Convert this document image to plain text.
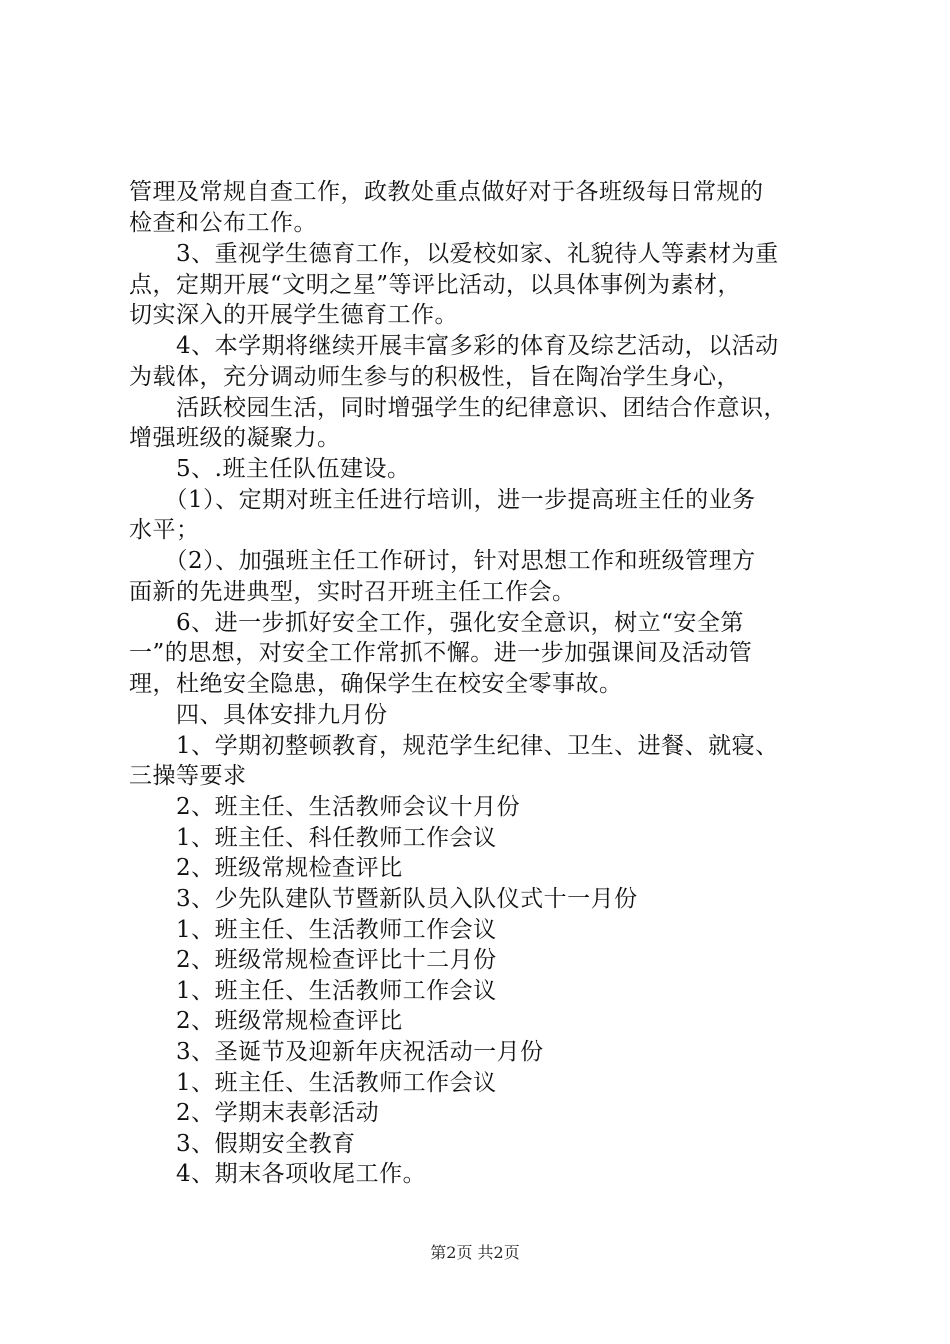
管理及常规自查工作，政教处重点做好对于各班级每日常规的
检查和公布工作。
　　3、重视学生德育工作，以爱校如家、礼貌待人等素材为重
点，定期开展“文明之星”等评比活动，以具体事例为素材，
切实深入的开展学生德育工作。
　　4、本学期将继续开展丰富多彩的体育及综艺活动，以活动
为载体，充分调动师生参与的积极性，旨在陶冶学生身心，
　　活跃校园生活，同时增强学生的纪律意识、团结合作意识，
增强班级的凝聚力。
　　5、.班主任队伍建设。
　　（1）、定期对班主任进行培训，进一步提高班主任的业务
水平；
　　（2）、加强班主任工作研讨，针对思想工作和班级管理方
面新的先进典型，实时召开班主任工作会。
　　6、进一步抓好安全工作，强化安全意识，树立“安全第
一”的思想，对安全工作常抓不懈。进一步加强课间及活动管
理，杜绝安全隐患，确保学生在校安全零事故。
　　四、具体安排九月份
　　1、学期初整顿教育，规范学生纪律、卫生、进餐、就寝、
三操等要求
　　2、班主任、生活教师会议十月份
　　1、班主任、科任教师工作会议
　　2、班级常规检查评比
　　3、少先队建队节暨新队员入队仪式十一月份
　　1、班主任、生活教师工作会议
　　2、班级常规检查评比十二月份
　　1、班主任、生活教师工作会议
　　2、班级常规检查评比
　　3、圣诞节及迎新年庆祝活动一月份
　　1、班主任、生活教师工作会议
　　2、学期末表彰活动
　　3、假期安全教育
　　4、期末各项收尾工作。
第2页 共2页
